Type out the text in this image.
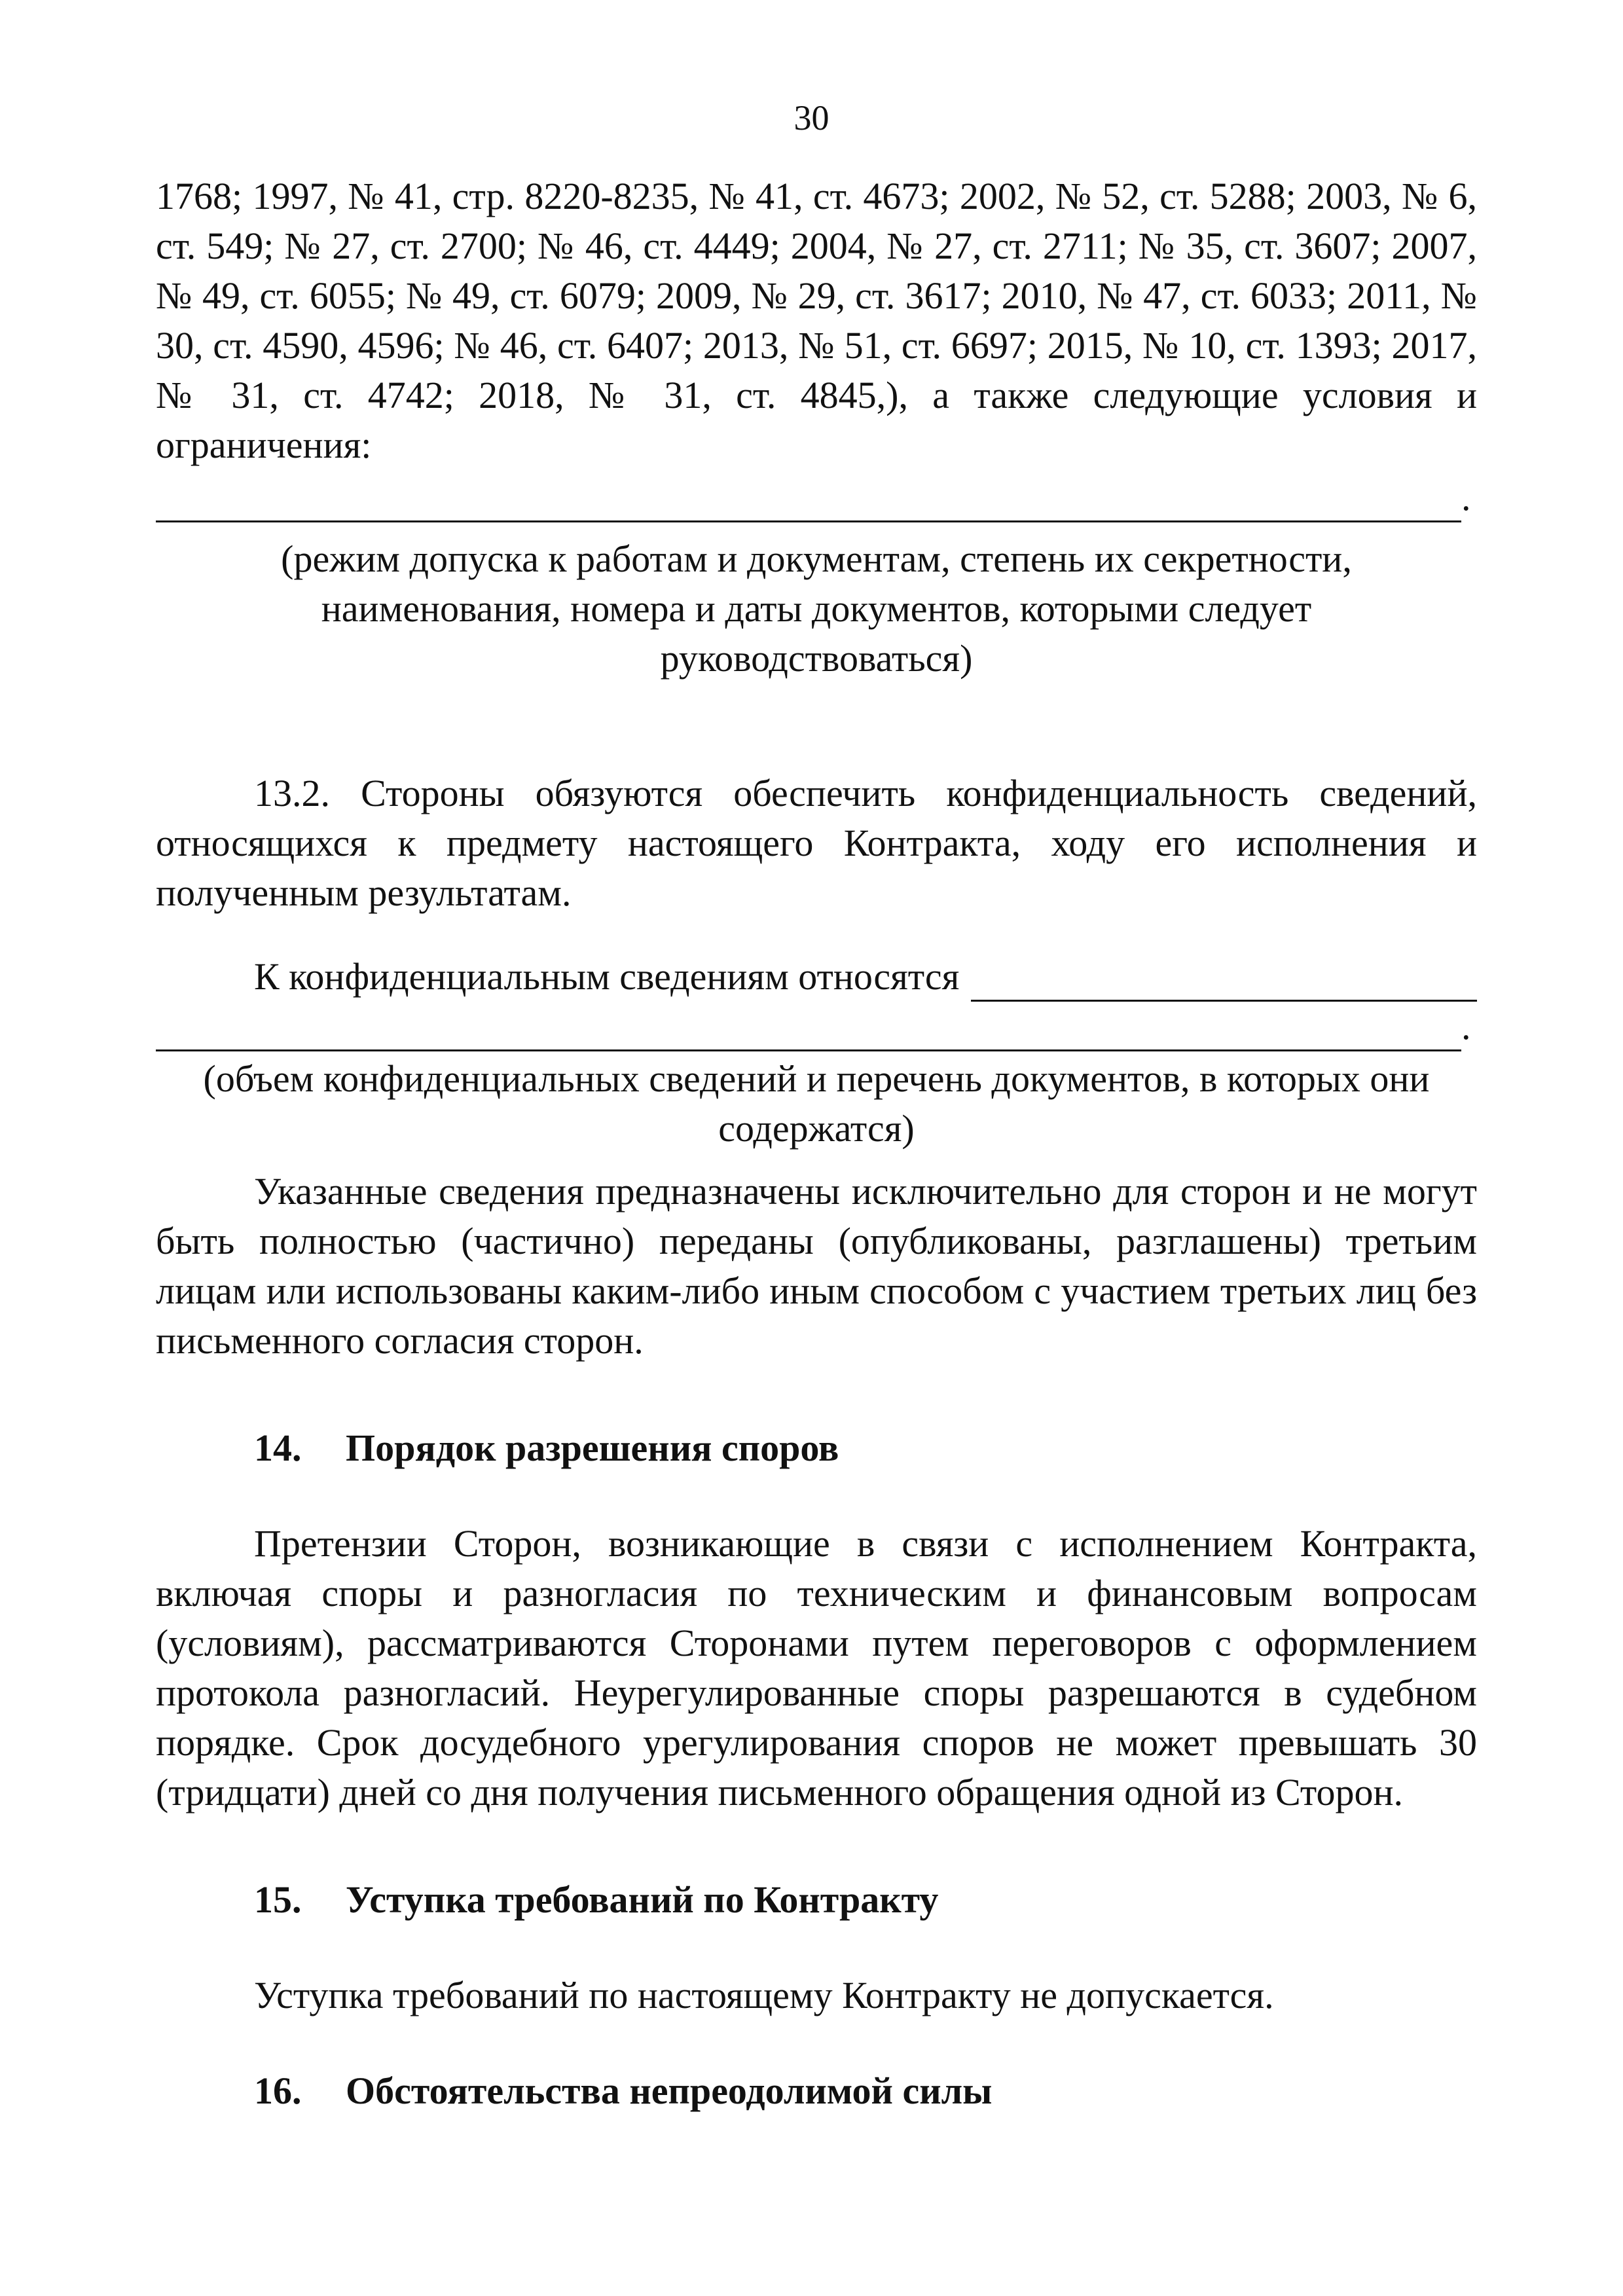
30

1768; 1997, № 41, стр. 8220-8235, № 41, ст. 4673; 2002, № 52, ст. 5288; 2003, № 6, ст. 549; № 27, ст. 2700; № 46, ст. 4449; 2004, № 27, ст. 2711; № 35, ст. 3607; 2007, № 49, ст. 6055; № 49, ст. 6079; 2009, № 29, ст. 3617; 2010, № 47, ст. 6033; 2011, № 30, ст. 4590, 4596; № 46, ст. 6407; 2013, № 51, ст. 6697; 2015, № 10, ст. 1393; 2017, № 31, ст. 4742; 2018, № 31, ст. 4845,), а также следующие условия и ограничения:

.

(режим допуска к работам и документам, степень их секретности, наименования, номера и даты документов, которыми следует руководствоваться)

13.2. Стороны обязуются обеспечить конфиденциальность сведений, относящихся к предмету настоящего Контракта, ходу его исполнения и полученным результатам.

К конфиденциальным сведениям относятся
.

(объем конфиденциальных сведений и перечень документов, в которых они содержатся)

Указанные сведения предназначены исключительно для сторон и не могут быть полностью (частично) переданы (опубликованы, разглашены) третьим лицам или использованы каким-либо иным способом с участием третьих лиц без письменного согласия сторон.

14.	Порядок разрешения споров

Претензии Сторон, возникающие в связи с исполнением Контракта, включая споры и разногласия по техническим и финансовым вопросам (условиям), рассматриваются Сторонами путем переговоров с оформлением протокола разногласий. Неурегулированные споры разрешаются в судебном порядке. Срок досудебного урегулирования споров не может превышать 30 (тридцати) дней со дня получения письменного обращения одной из Сторон.

15.	Уступка требований по Контракту

Уступка требований по настоящему Контракту не допускается.

16.	Обстоятельства непреодолимой силы
